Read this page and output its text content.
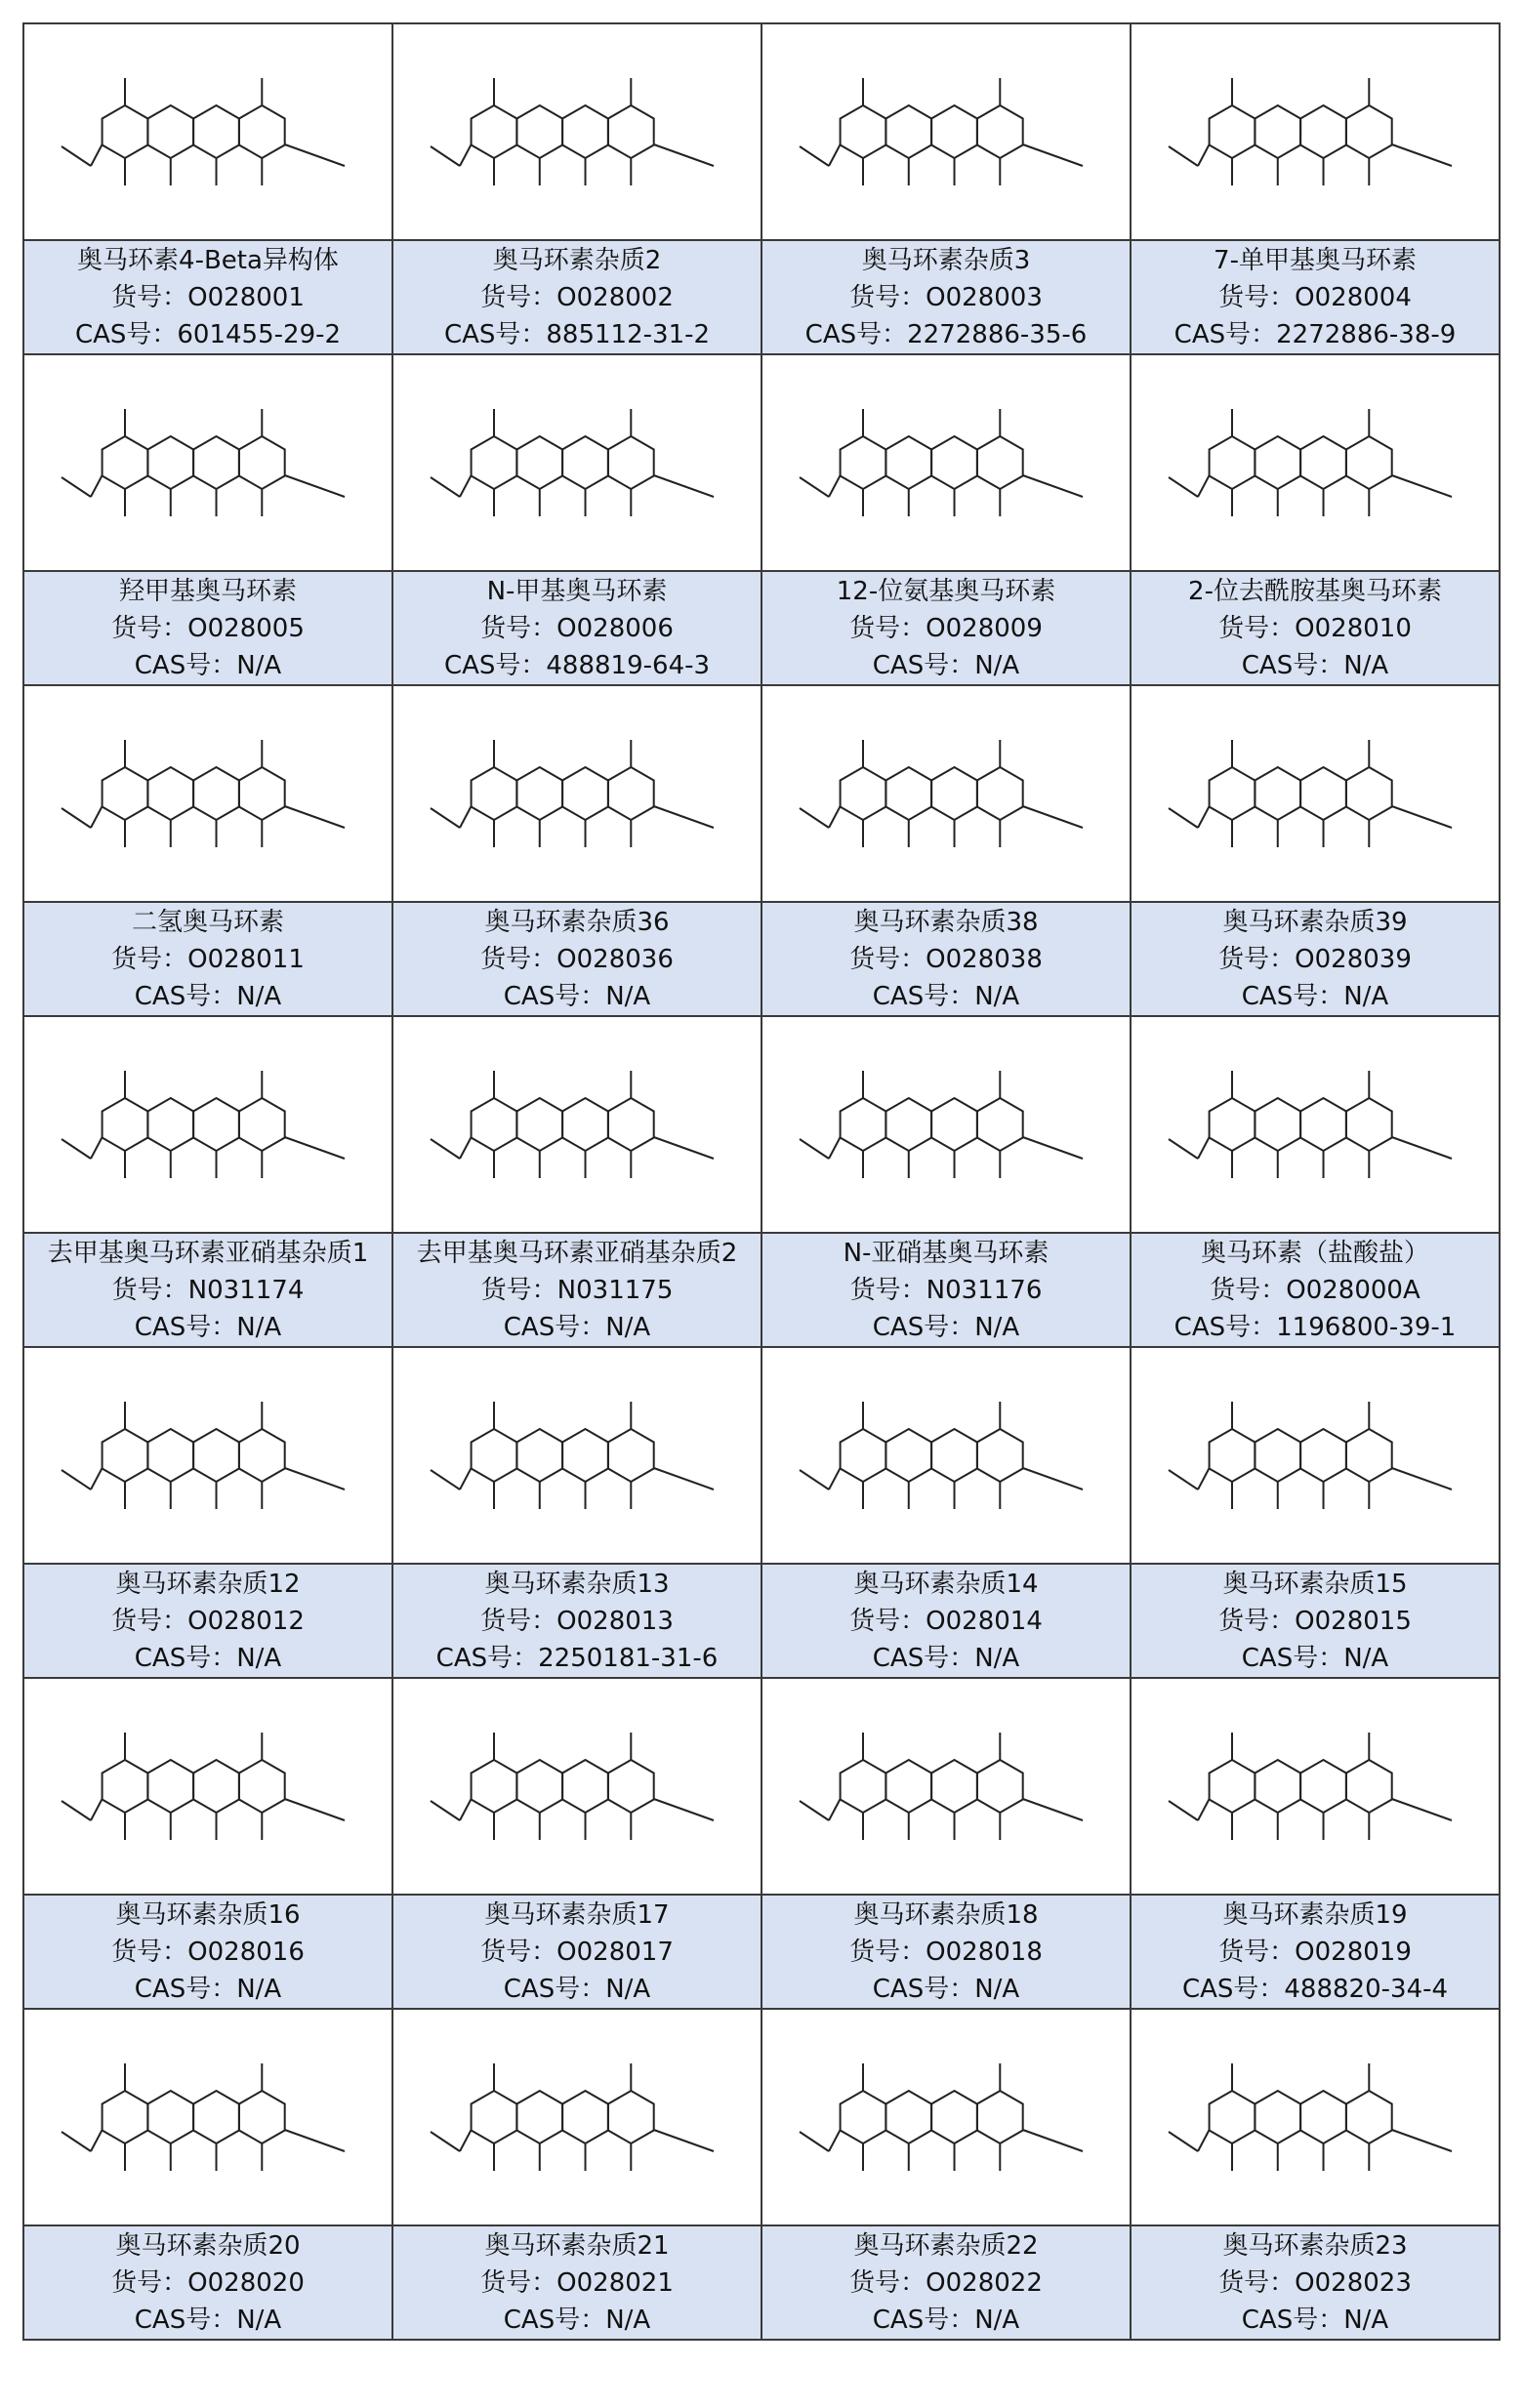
奥马环素4-Beta异构体
货号：O028001
CAS号：601455-29-2	奥马环素杂质2
货号：O028002
CAS号：885112-31-2	奥马环素杂质3
货号：O028003
CAS号：2272886-35-6	7-单甲基奥马环素
货号：O028004
CAS号：2272886-38-9

羟甲基奥马环素
货号：O028005
CAS号：N/A	N-甲基奥马环素
货号：O028006
CAS号：488819-64-3	12-位氨基奥马环素
货号：O028009
CAS号：N/A	2-位去酰胺基奥马环素
货号：O028010
CAS号：N/A

二氢奥马环素
货号：O028011
CAS号：N/A	奥马环素杂质36
货号：O028036
CAS号：N/A	奥马环素杂质38
货号：O028038
CAS号：N/A	奥马环素杂质39
货号：O028039
CAS号：N/A

去甲基奥马环素亚硝基杂质1
货号：N031174
CAS号：N/A	去甲基奥马环素亚硝基杂质2
货号：N031175
CAS号：N/A	N-亚硝基奥马环素
货号：N031176
CAS号：N/A	奥马环素（盐酸盐）
货号：O028000A
CAS号：1196800-39-1

奥马环素杂质12
货号：O028012
CAS号：N/A	奥马环素杂质13
货号：O028013
CAS号：2250181-31-6	奥马环素杂质14
货号：O028014
CAS号：N/A	奥马环素杂质15
货号：O028015
CAS号：N/A

奥马环素杂质16
货号：O028016
CAS号：N/A	奥马环素杂质17
货号：O028017
CAS号：N/A	奥马环素杂质18
货号：O028018
CAS号：N/A	奥马环素杂质19
货号：O028019
CAS号：488820-34-4

奥马环素杂质20
货号：O028020
CAS号：N/A	奥马环素杂质21
货号：O028021
CAS号：N/A	奥马环素杂质22
货号：O028022
CAS号：N/A	奥马环素杂质23
货号：O028023
CAS号：N/A
